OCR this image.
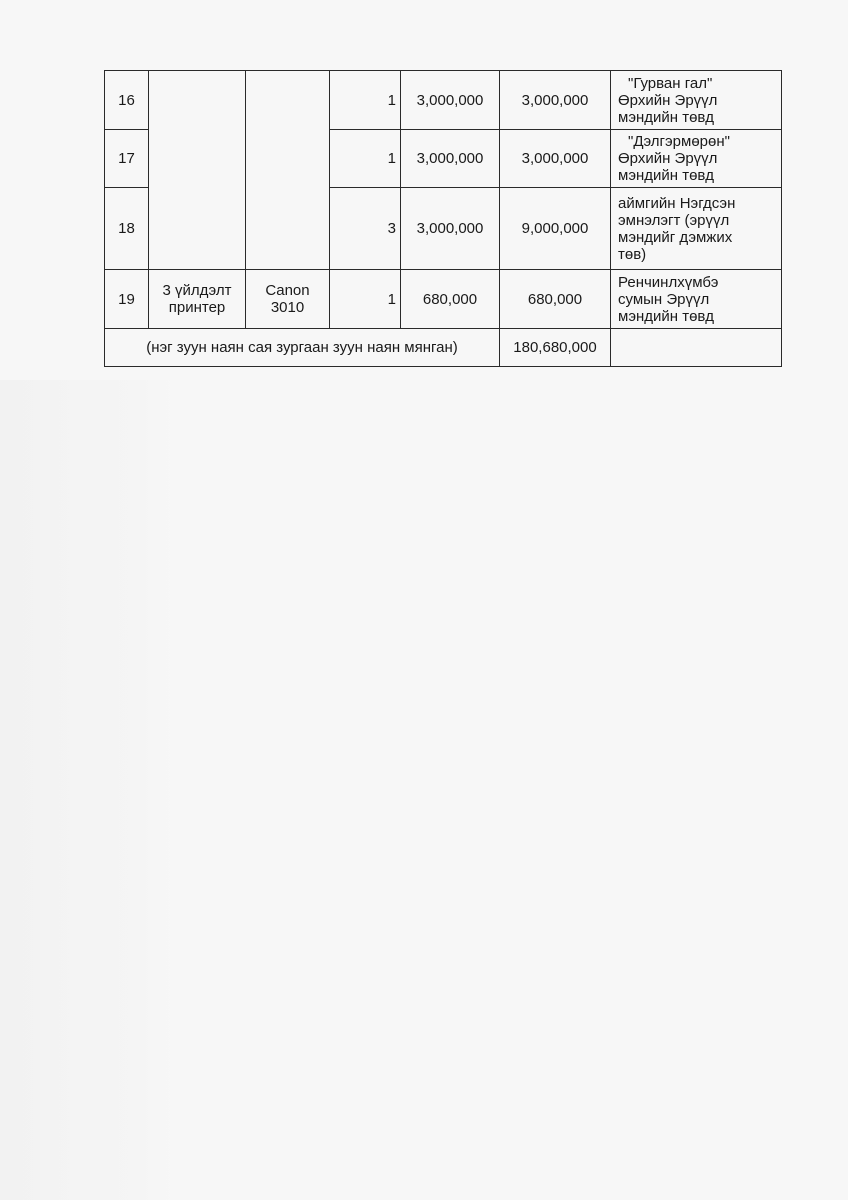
16			1	3,000,000	3,000,000	"Гурван гал"
Өрхийн Эрүүл
мэндийн төвд

17			1	3,000,000	3,000,000	"Дэлгэрмөрөн"
Өрхийн Эрүүл
мэндийн төвд

18			3	3,000,000	9,000,000	аймгийн Нэгдсэн
эмнэлэгт (эрүүл
мэндийг дэмжих
төв)

19	3 үйлдэлт
принтер	Canon
3010	1	680,000	680,000	Ренчинлхүмбэ
сумын Эрүүл
мэндийн төвд

(нэг зуун наян сая зургаан зуун наян мянган)					180,680,000	
